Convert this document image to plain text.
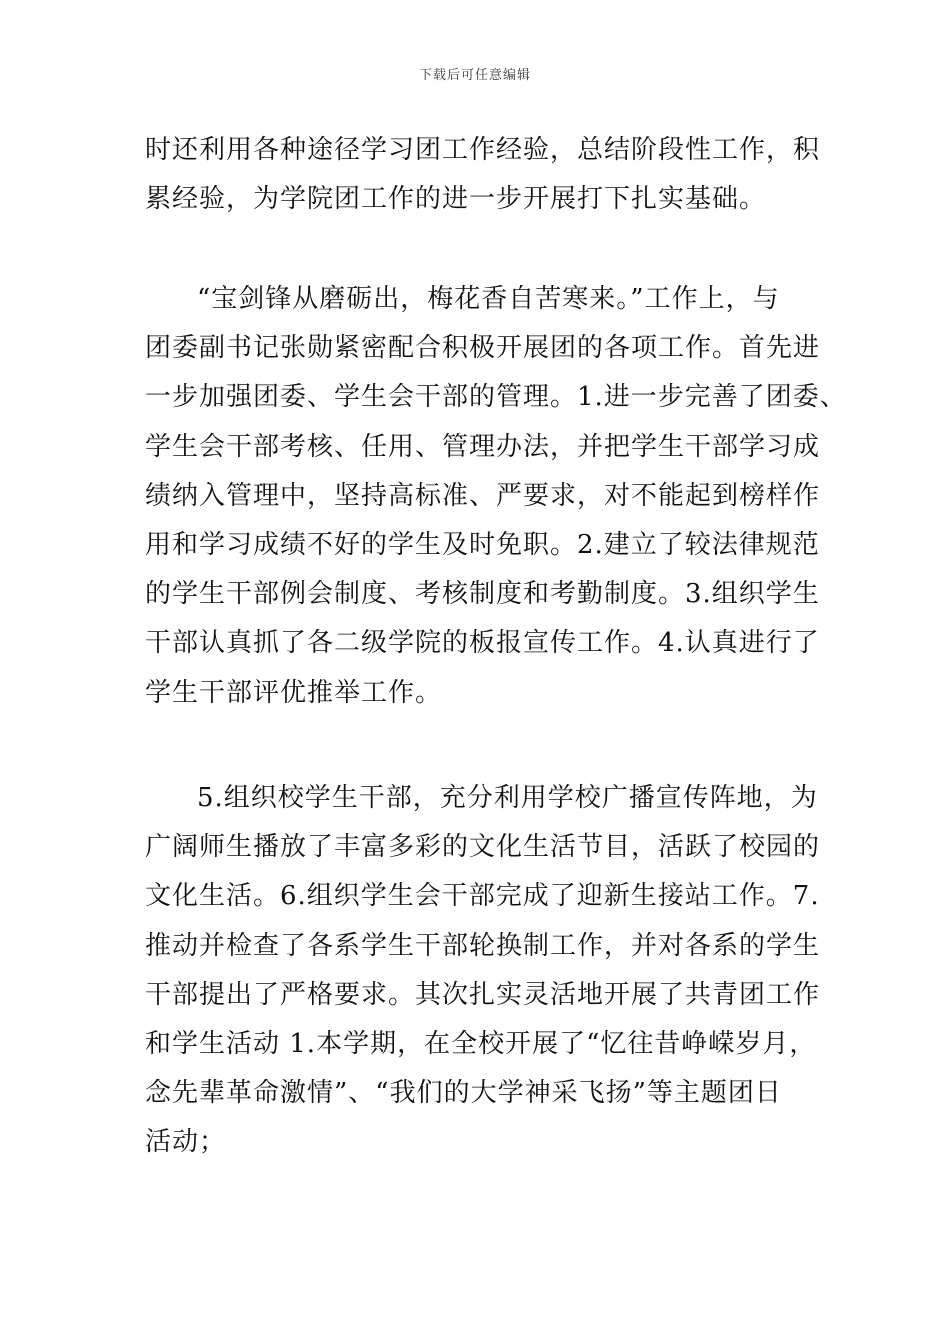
下载后可任意编辑
时还利用各种途径学习团工作经验，总结阶段性工作，积
累经验，为学院团工作的进一步开展打下扎实基础。
“宝剑锋从磨砺出，梅花香自苦寒来。”工作上，与
团委副书记张勋紧密配合积极开展团的各项工作。首先进
一步加强团委、学生会干部的管理。1.进一步完善了团委、
学生会干部考核、任用、管理办法，并把学生干部学习成
绩纳入管理中，坚持高标准、严要求，对不能起到榜样作
用和学习成绩不好的学生及时免职。2.建立了较法律规范
的学生干部例会制度、考核制度和考勤制度。3.组织学生
干部认真抓了各二级学院的板报宣传工作。4.认真进行了
学生干部评优推举工作。
5.组织校学生干部，充分利用学校广播宣传阵地，为
广阔师生播放了丰富多彩的文化生活节目，活跃了校园的
文化生活。6.组织学生会干部完成了迎新生接站工作。7.
推动并检查了各系学生干部轮换制工作，并对各系的学生
干部提出了严格要求。其次扎实灵活地开展了共青团工作
和学生活动 1.本学期，在全校开展了“忆往昔峥嵘岁月，
念先辈革命激情”、“我们的大学神采飞扬”等主题团日
活动；
